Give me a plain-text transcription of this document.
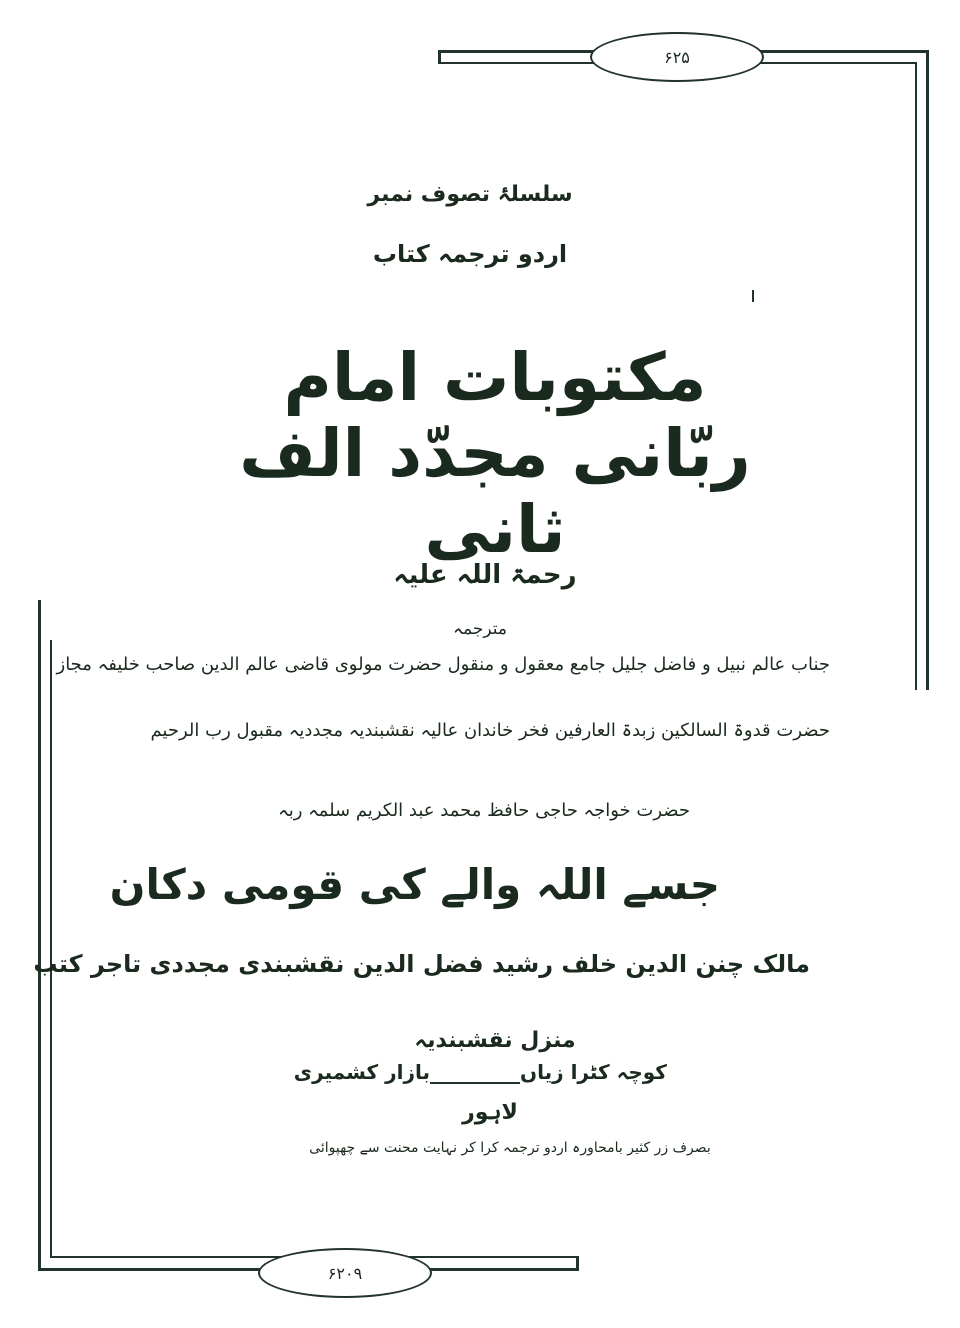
۶۲۵
۶۲۰۹
سلسلۂ تصوف نمبر
اردو ترجمہ کتاب
مکتوبات امام ربّانی مجدّد الف ثانی
رحمۃ اللہ علیہ
مترجمہ
جناب عالم نبیل و فاضل جلیل جامع معقول و منقول حضرت مولوی قاضی عالم الدین صاحب خلیفہ مجاز
حضرت قدوۃ السالکین زبدۃ العارفین فخر خاندان عالیہ نقشبندیہ مجددیہ مقبول رب الرحیم
حضرت خواجہ حاجی حافظ محمد عبد الکریم سلمہ ربہ
جسے اللہ والے کی قومی دکان
مالک چنن الدین خلف رشید فضل الدین نقشبندی مجددی تاجر کتب
منزل نقشبندیہ
بازار کشمیری	کوچہ کٹرا زیاں
لاہور
بصرف زر کثیر بامحاورہ اردو ترجمہ کرا کر نہایت محنت سے چھپوائی
